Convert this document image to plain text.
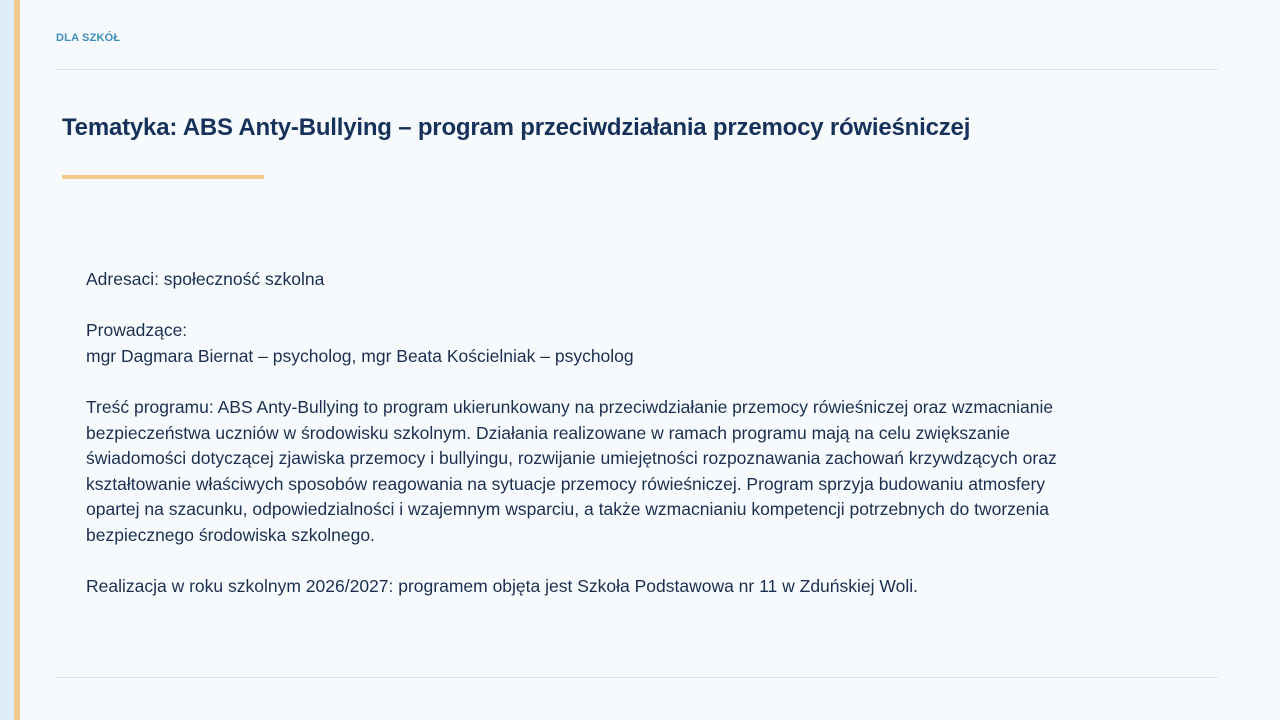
DLA SZKÓŁ
Tematyka: ABS Anty-Bullying – program przeciwdziałania przemocy rówieśniczej

Adresaci: społeczność szkolna

Prowadzące:
mgr Dagmara Biernat – psycholog, mgr Beata Kościelniak – psycholog

Treść programu: ABS Anty-Bullying to program ukierunkowany na przeciwdziałanie przemocy rówieśniczej oraz wzmacnianie
bezpieczeństwa uczniów w środowisku szkolnym. Działania realizowane w ramach programu mają na celu zwiększanie
świadomości dotyczącej zjawiska przemocy i bullyingu, rozwijanie umiejętności rozpoznawania zachowań krzywdzących oraz
kształtowanie właściwych sposobów reagowania na sytuacje przemocy rówieśniczej. Program sprzyja budowaniu atmosfery
opartej na szacunku, odpowiedzialności i wzajemnym wsparciu, a także wzmacnianiu kompetencji potrzebnych do tworzenia
bezpiecznego środowiska szkolnego.

Realizacja w roku szkolnym 2026/2027: programem objęta jest Szkoła Podstawowa nr 11 w Zduńskiej Woli.
